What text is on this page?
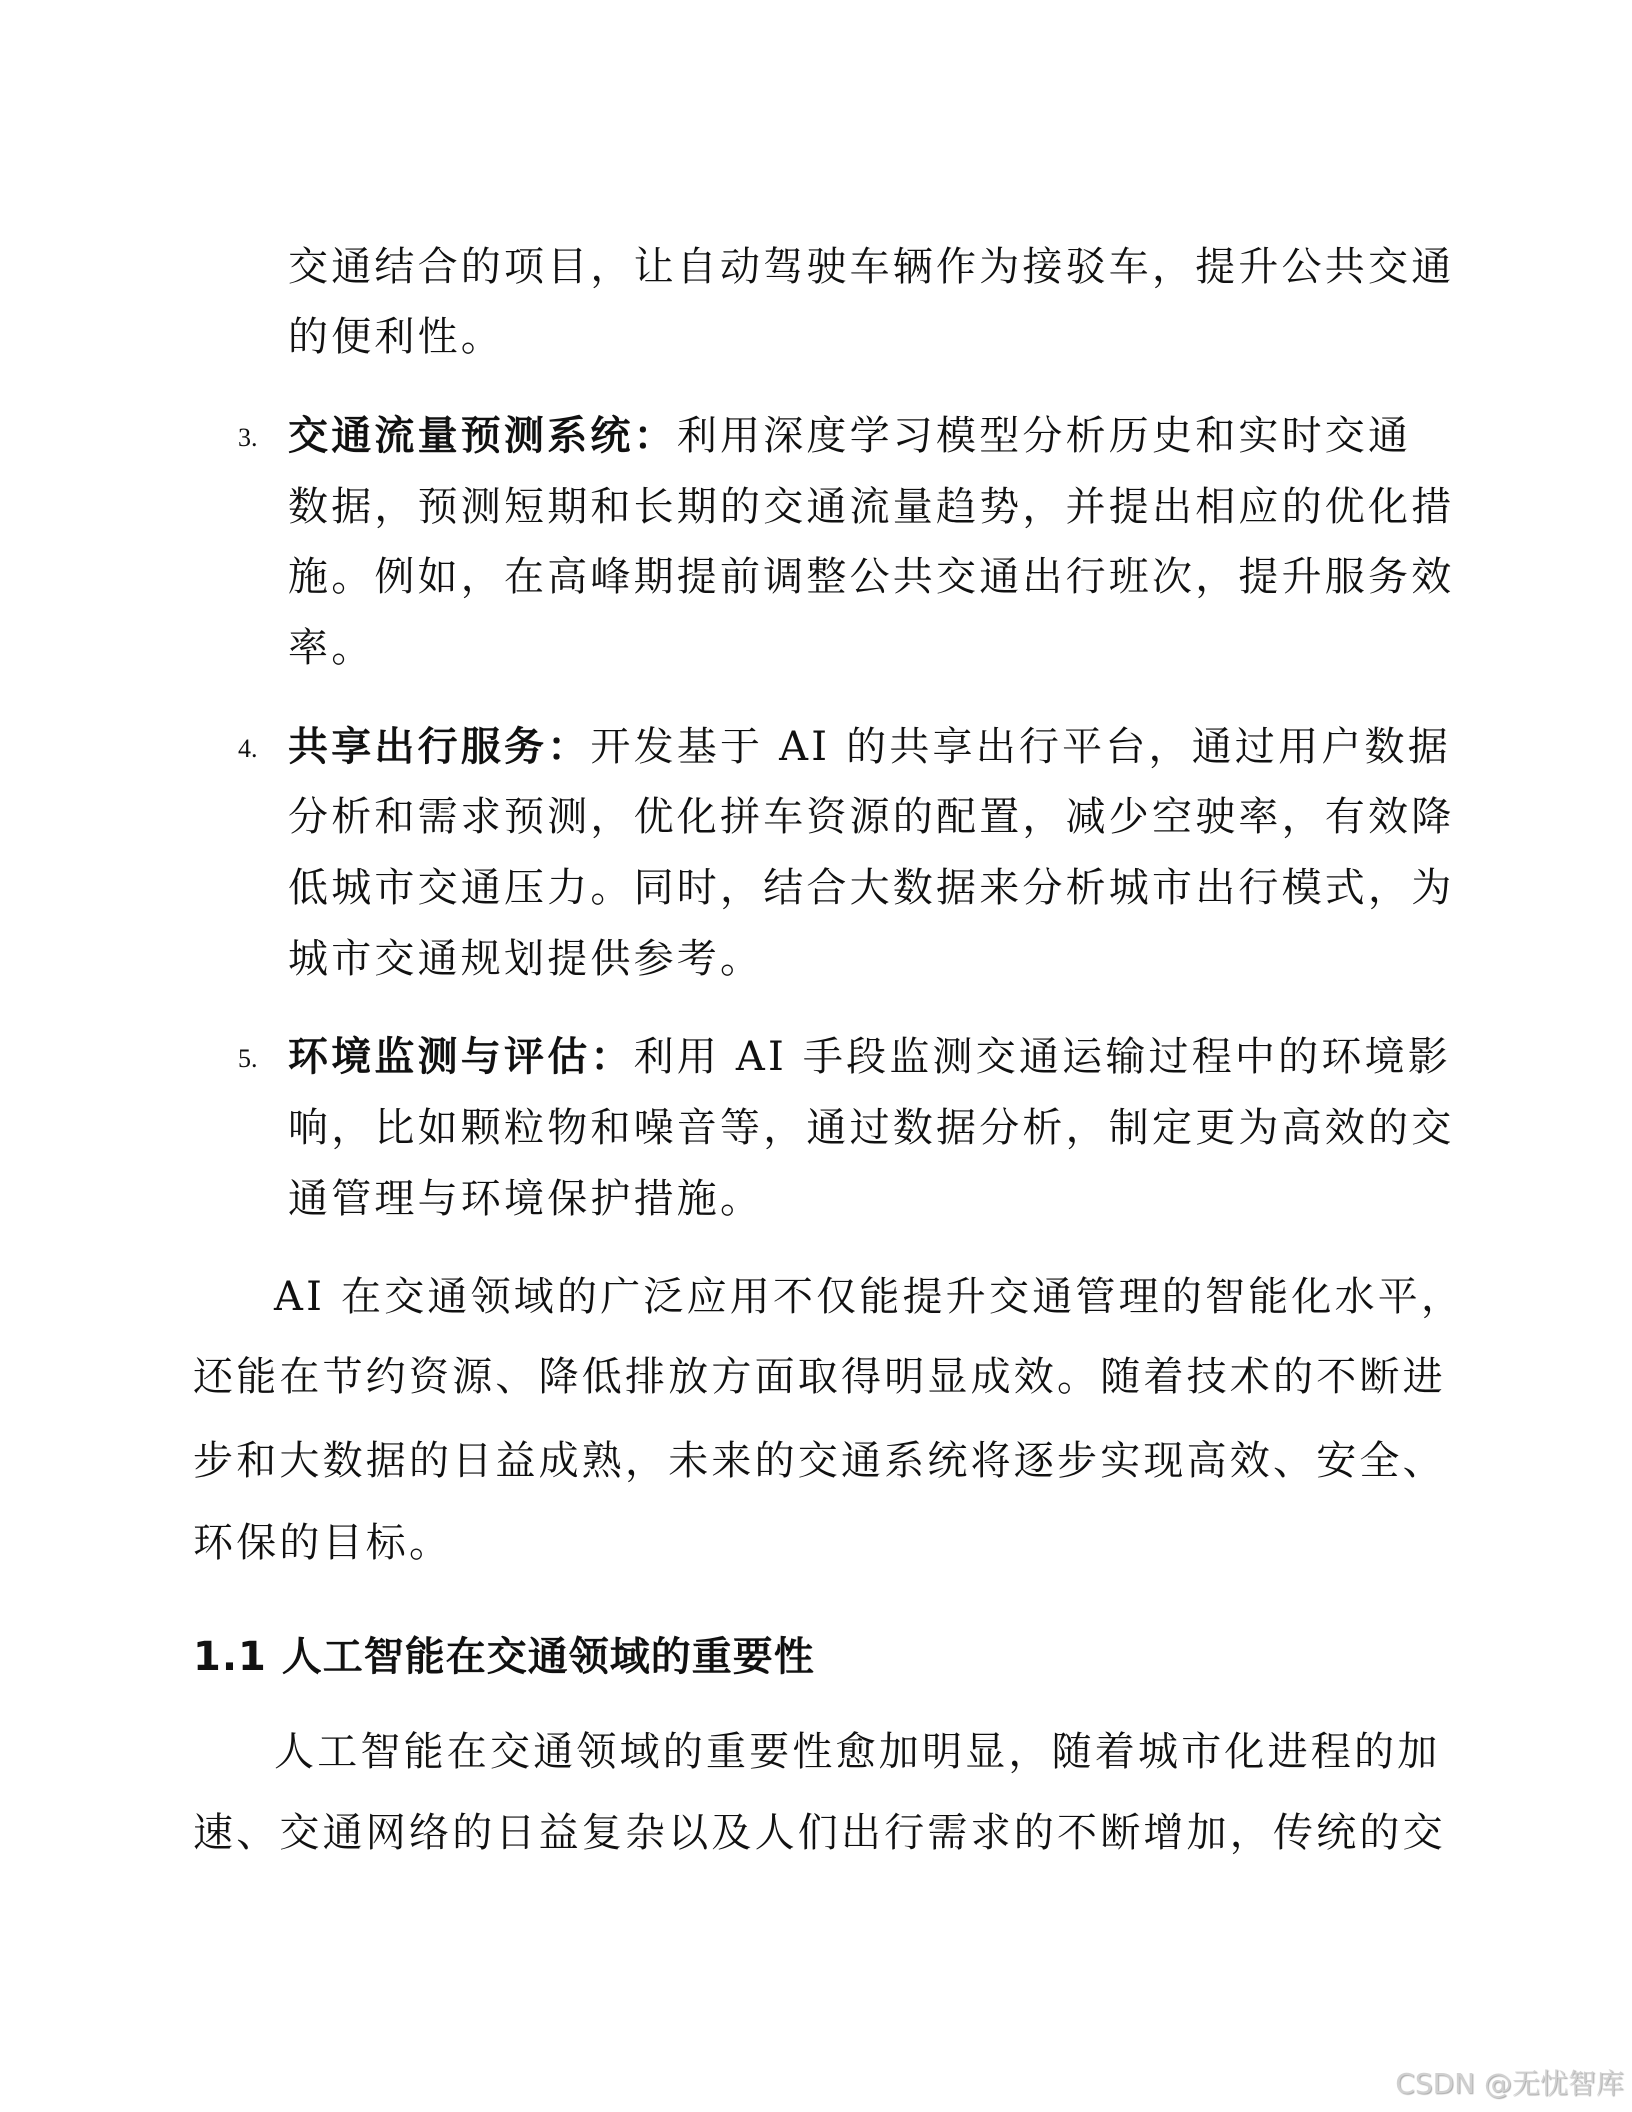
交通结合的项目，让自动驾驶车辆作为接驳车，提升公共交通
的便利性。
3. 交通流量预测系统：利用深度学习模型分析历史和实时交通
数据，预测短期和长期的交通流量趋势，并提出相应的优化措
施。例如，在高峰期提前调整公共交通出行班次，提升服务效
率。
4. 共享出行服务：开发基于 AI 的共享出行平台，通过用户数据
分析和需求预测，优化拼车资源的配置，减少空驶率，有效降
低城市交通压力。同时，结合大数据来分析城市出行模式，为
城市交通规划提供参考。
5. 环境监测与评估：利用 AI 手段监测交通运输过程中的环境影
响，比如颗粒物和噪音等，通过数据分析，制定更为高效的交
通管理与环境保护措施。
AI 在交通领域的广泛应用不仅能提升交通管理的智能化水平，
还能在节约资源、降低排放方面取得明显成效。随着技术的不断进
步和大数据的日益成熟，未来的交通系统将逐步实现高效、安全、
环保的目标。
1.1 人工智能在交通领域的重要性
人工智能在交通领域的重要性愈加明显，随着城市化进程的加
速、交通网络的日益复杂以及人们出行需求的不断增加，传统的交
CSDN @无忧智库
